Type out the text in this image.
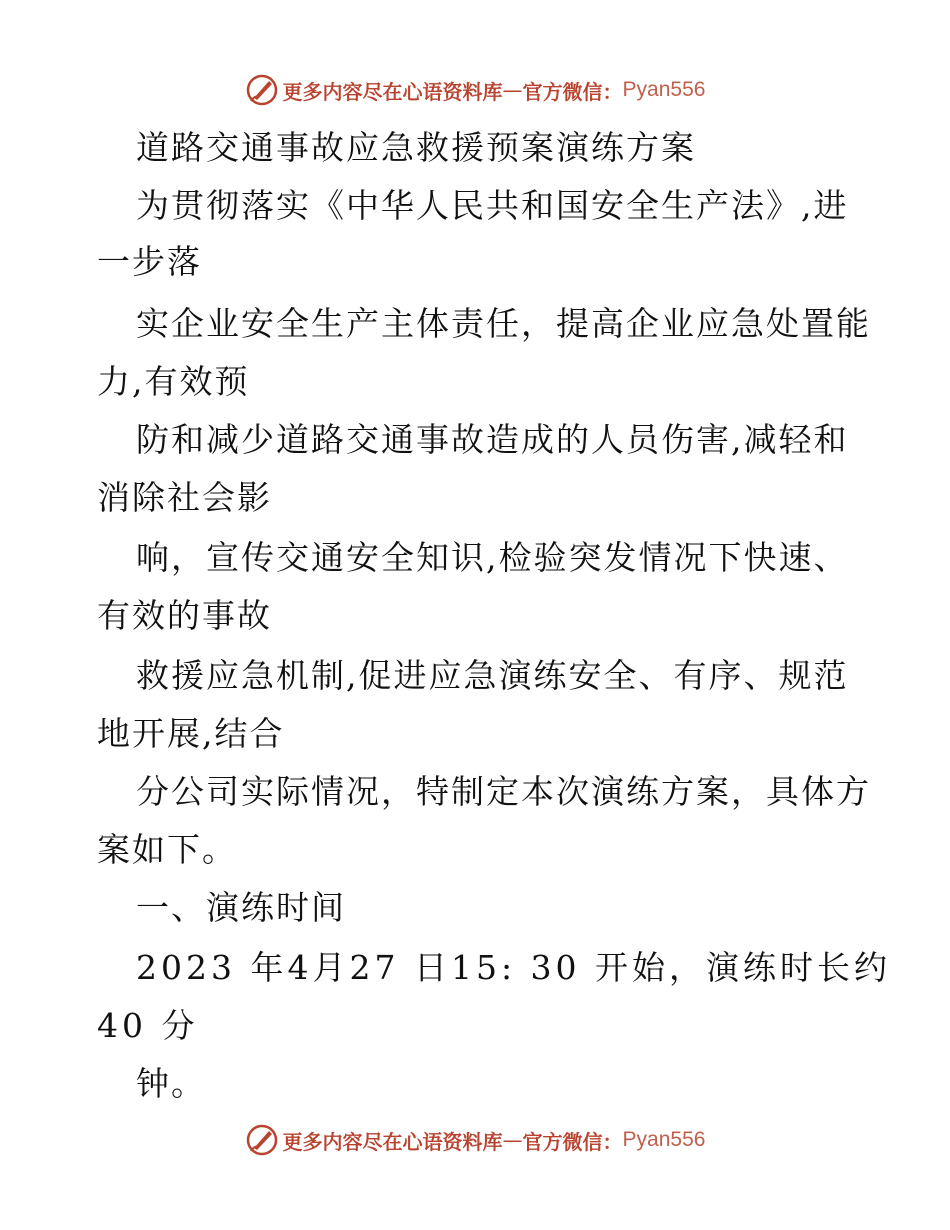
更多内容尽在心语资料库 — 官方微信： Pyan556
道路交通事故应急救援预案演练方案
为贯彻落实《中华人民共和国安全生产法》,进
一步落
实企业安全生产主体责任，提高企业应急处置能
力,有效预
防和减少道路交通事故造成的人员伤害,减轻和
消除社会影
响，宣传交通安全知识,检验突发情况下快速、
有效的事故
救援应急机制,促进应急演练安全、有序、规范
地开展,结合
分公司实际情况，特制定本次演练方案，具体方
案如下。
一、演练时间
2023 年4月27 日15: 30 开始，演练时长约
40 分
钟。
更多内容尽在心语资料库 — 官方微信： Pyan556
